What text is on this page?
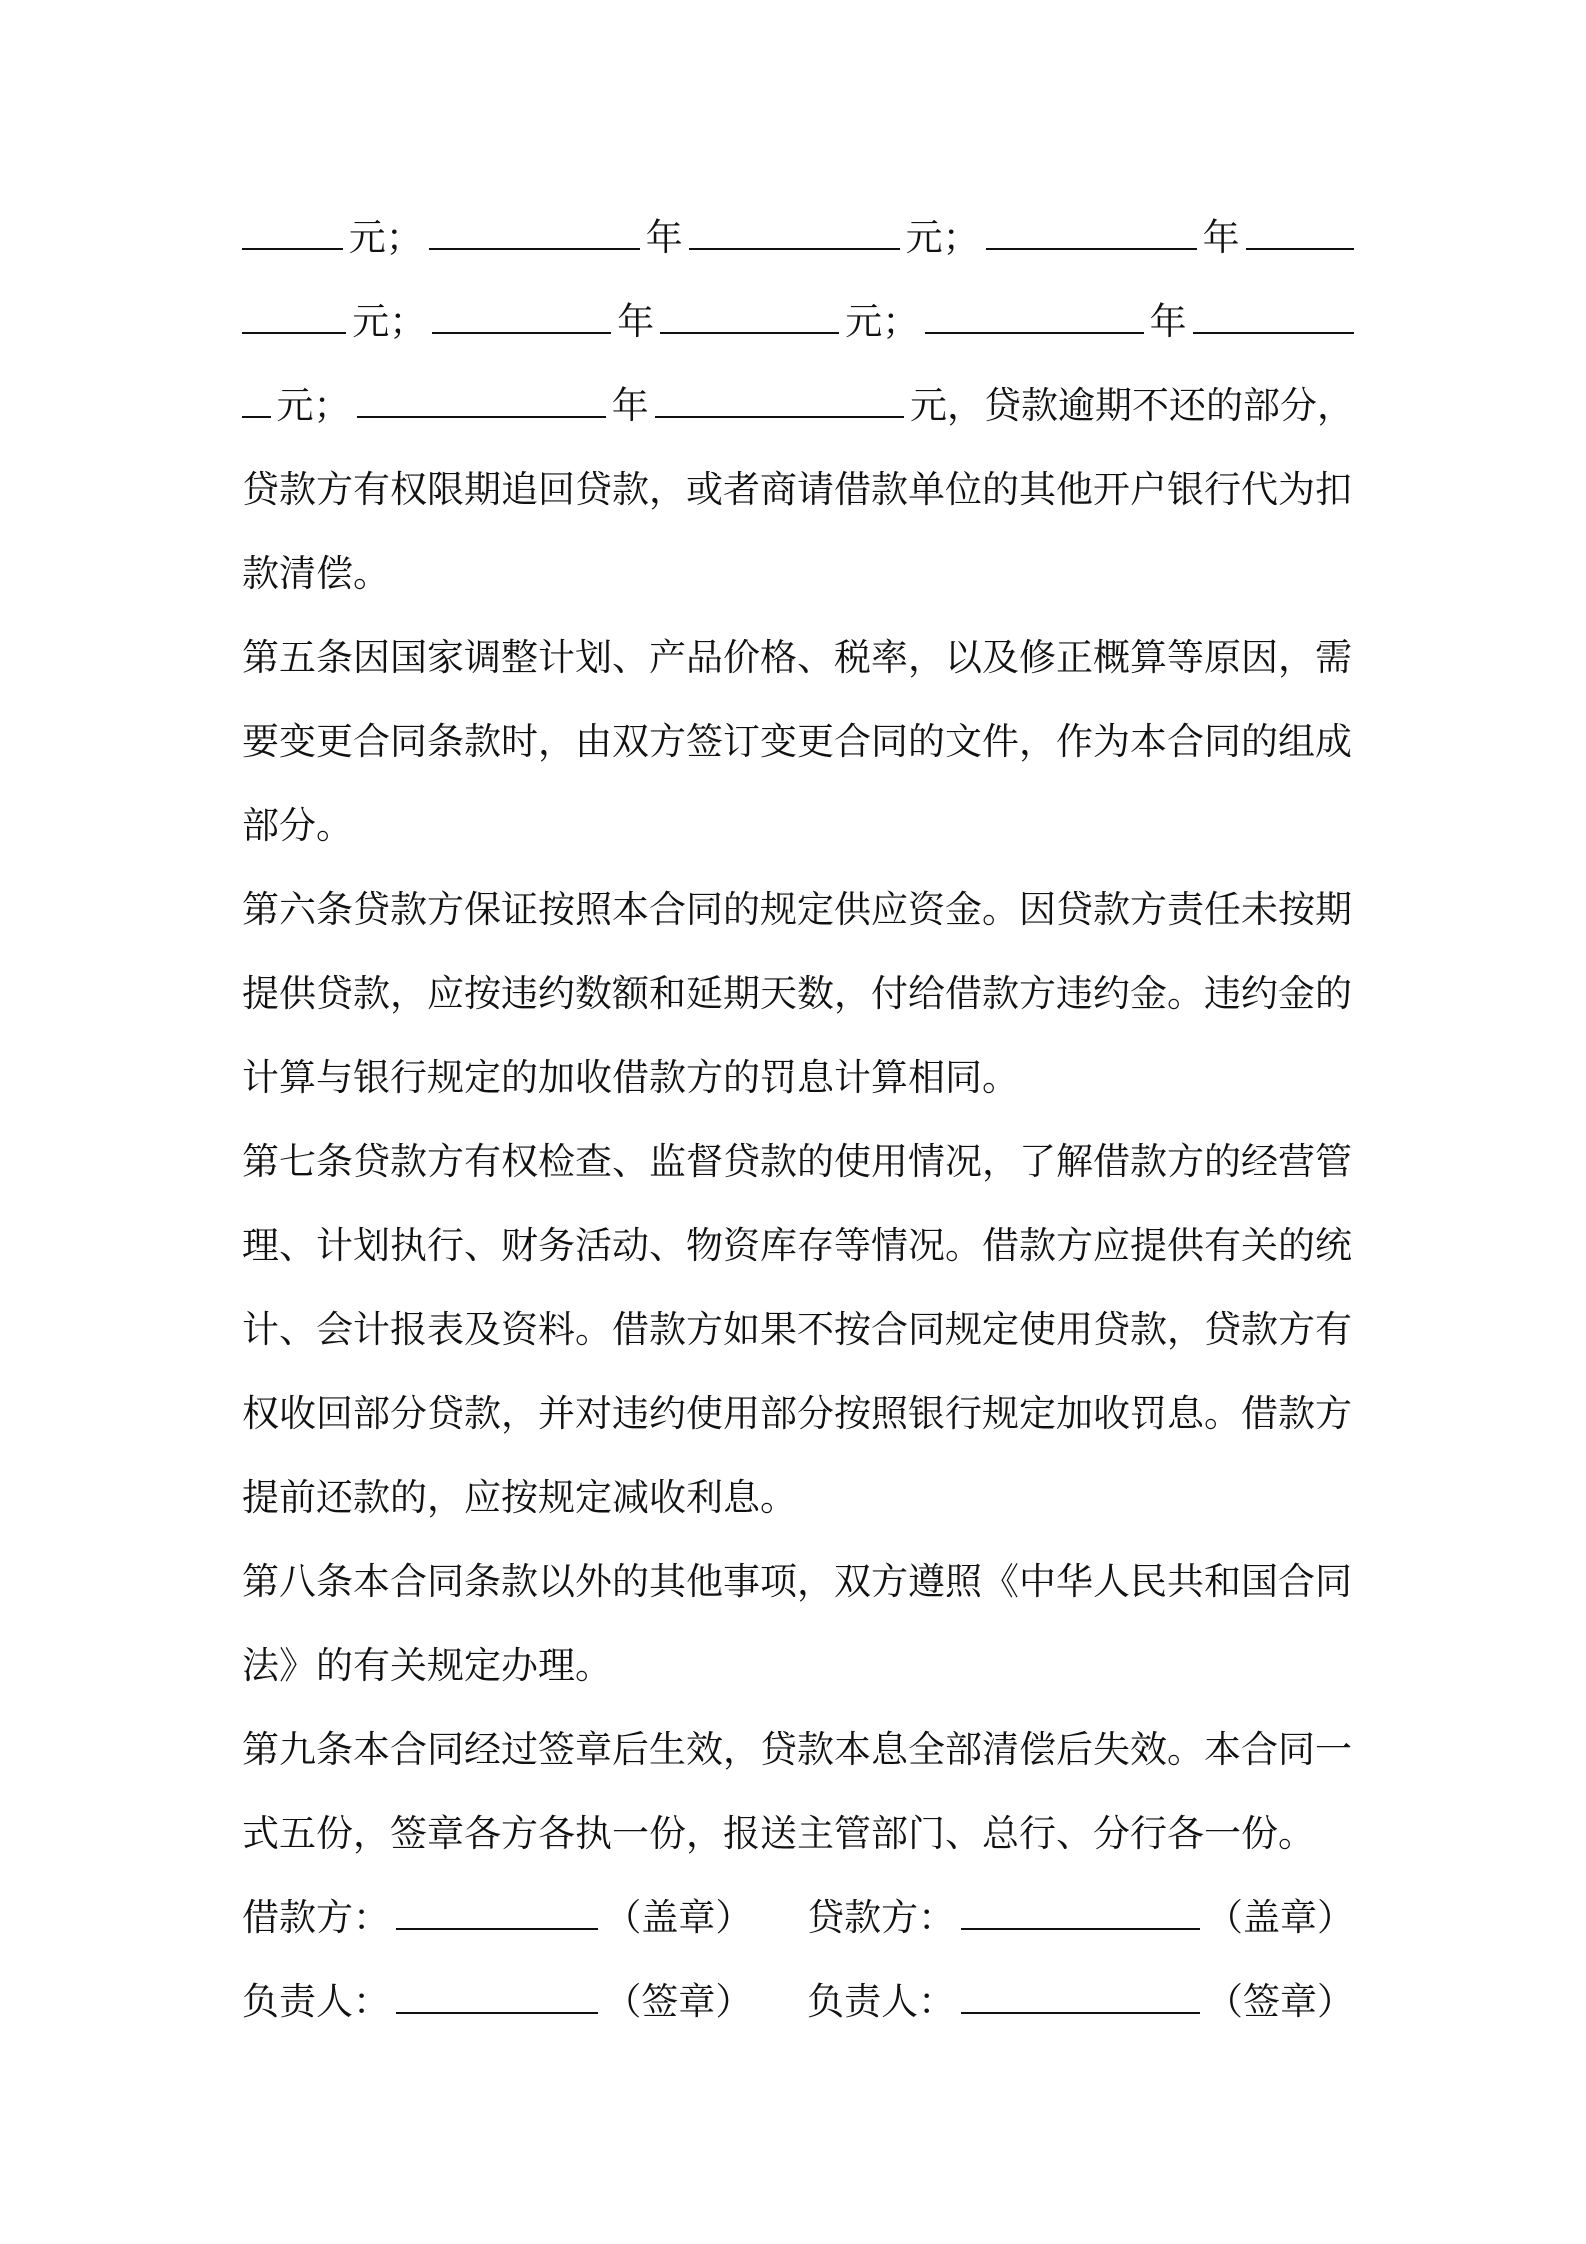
元；	年	元；	年
元；	年	元；	年
元；	年	元，贷款逾期不还的部分，
贷款方有权限期追回贷款，或者商请借款单位的其他开户银行代为扣
款清偿。
第五条因国家调整计划、产品价格、税率，以及修正概算等原因，需
要变更合同条款时，由双方签订变更合同的文件，作为本合同的组成
部分。
第六条贷款方保证按照本合同的规定供应资金。因贷款方责任未按期
提供贷款，应按违约数额和延期天数，付给借款方违约金。违约金的
计算与银行规定的加收借款方的罚息计算相同。
第七条贷款方有权检查、监督贷款的使用情况，了解借款方的经营管
理、计划执行、财务活动、物资库存等情况。借款方应提供有关的统
计、会计报表及资料。借款方如果不按合同规定使用贷款，贷款方有
权收回部分贷款，并对违约使用部分按照银行规定加收罚息。借款方
提前还款的，应按规定减收利息。
第八条本合同条款以外的其他事项，双方遵照《中华人民共和国合同
法》的有关规定办理。
第九条本合同经过签章后生效，贷款本息全部清偿后失效。本合同一
式五份，签章各方各执一份，报送主管部门、总行、分行各一份。
借款方：	（盖章） 贷款方：	（盖章）
负责人：	（签章） 负责人：	（签章）
